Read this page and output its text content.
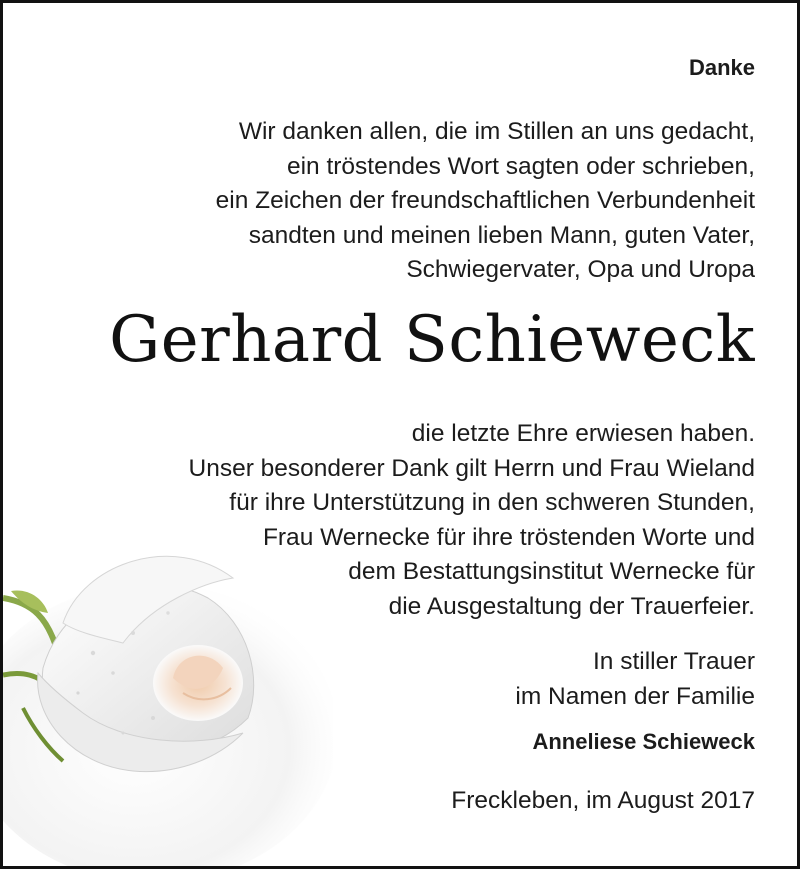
Danke
Wir danken allen, die im Stillen an uns gedacht,
ein tröstendes Wort sagten oder schrieben,
ein Zeichen der freundschaftlichen Verbundenheit
sandten und meinen lieben Mann, guten Vater,
Schwiegervater, Opa und Uropa
Gerhard Schieweck
die letzte Ehre erwiesen haben.
Unser besonderer Dank gilt Herrn und Frau Wieland
für ihre Unterstützung in den schweren Stunden,
Frau Wernecke für ihre tröstenden Worte und
dem Bestattungsinstitut Wernecke für
die Ausgestaltung der Trauerfeier.
In stiller Trauer
im Namen der Familie
Anneliese Schieweck
Freckleben, im August 2017
